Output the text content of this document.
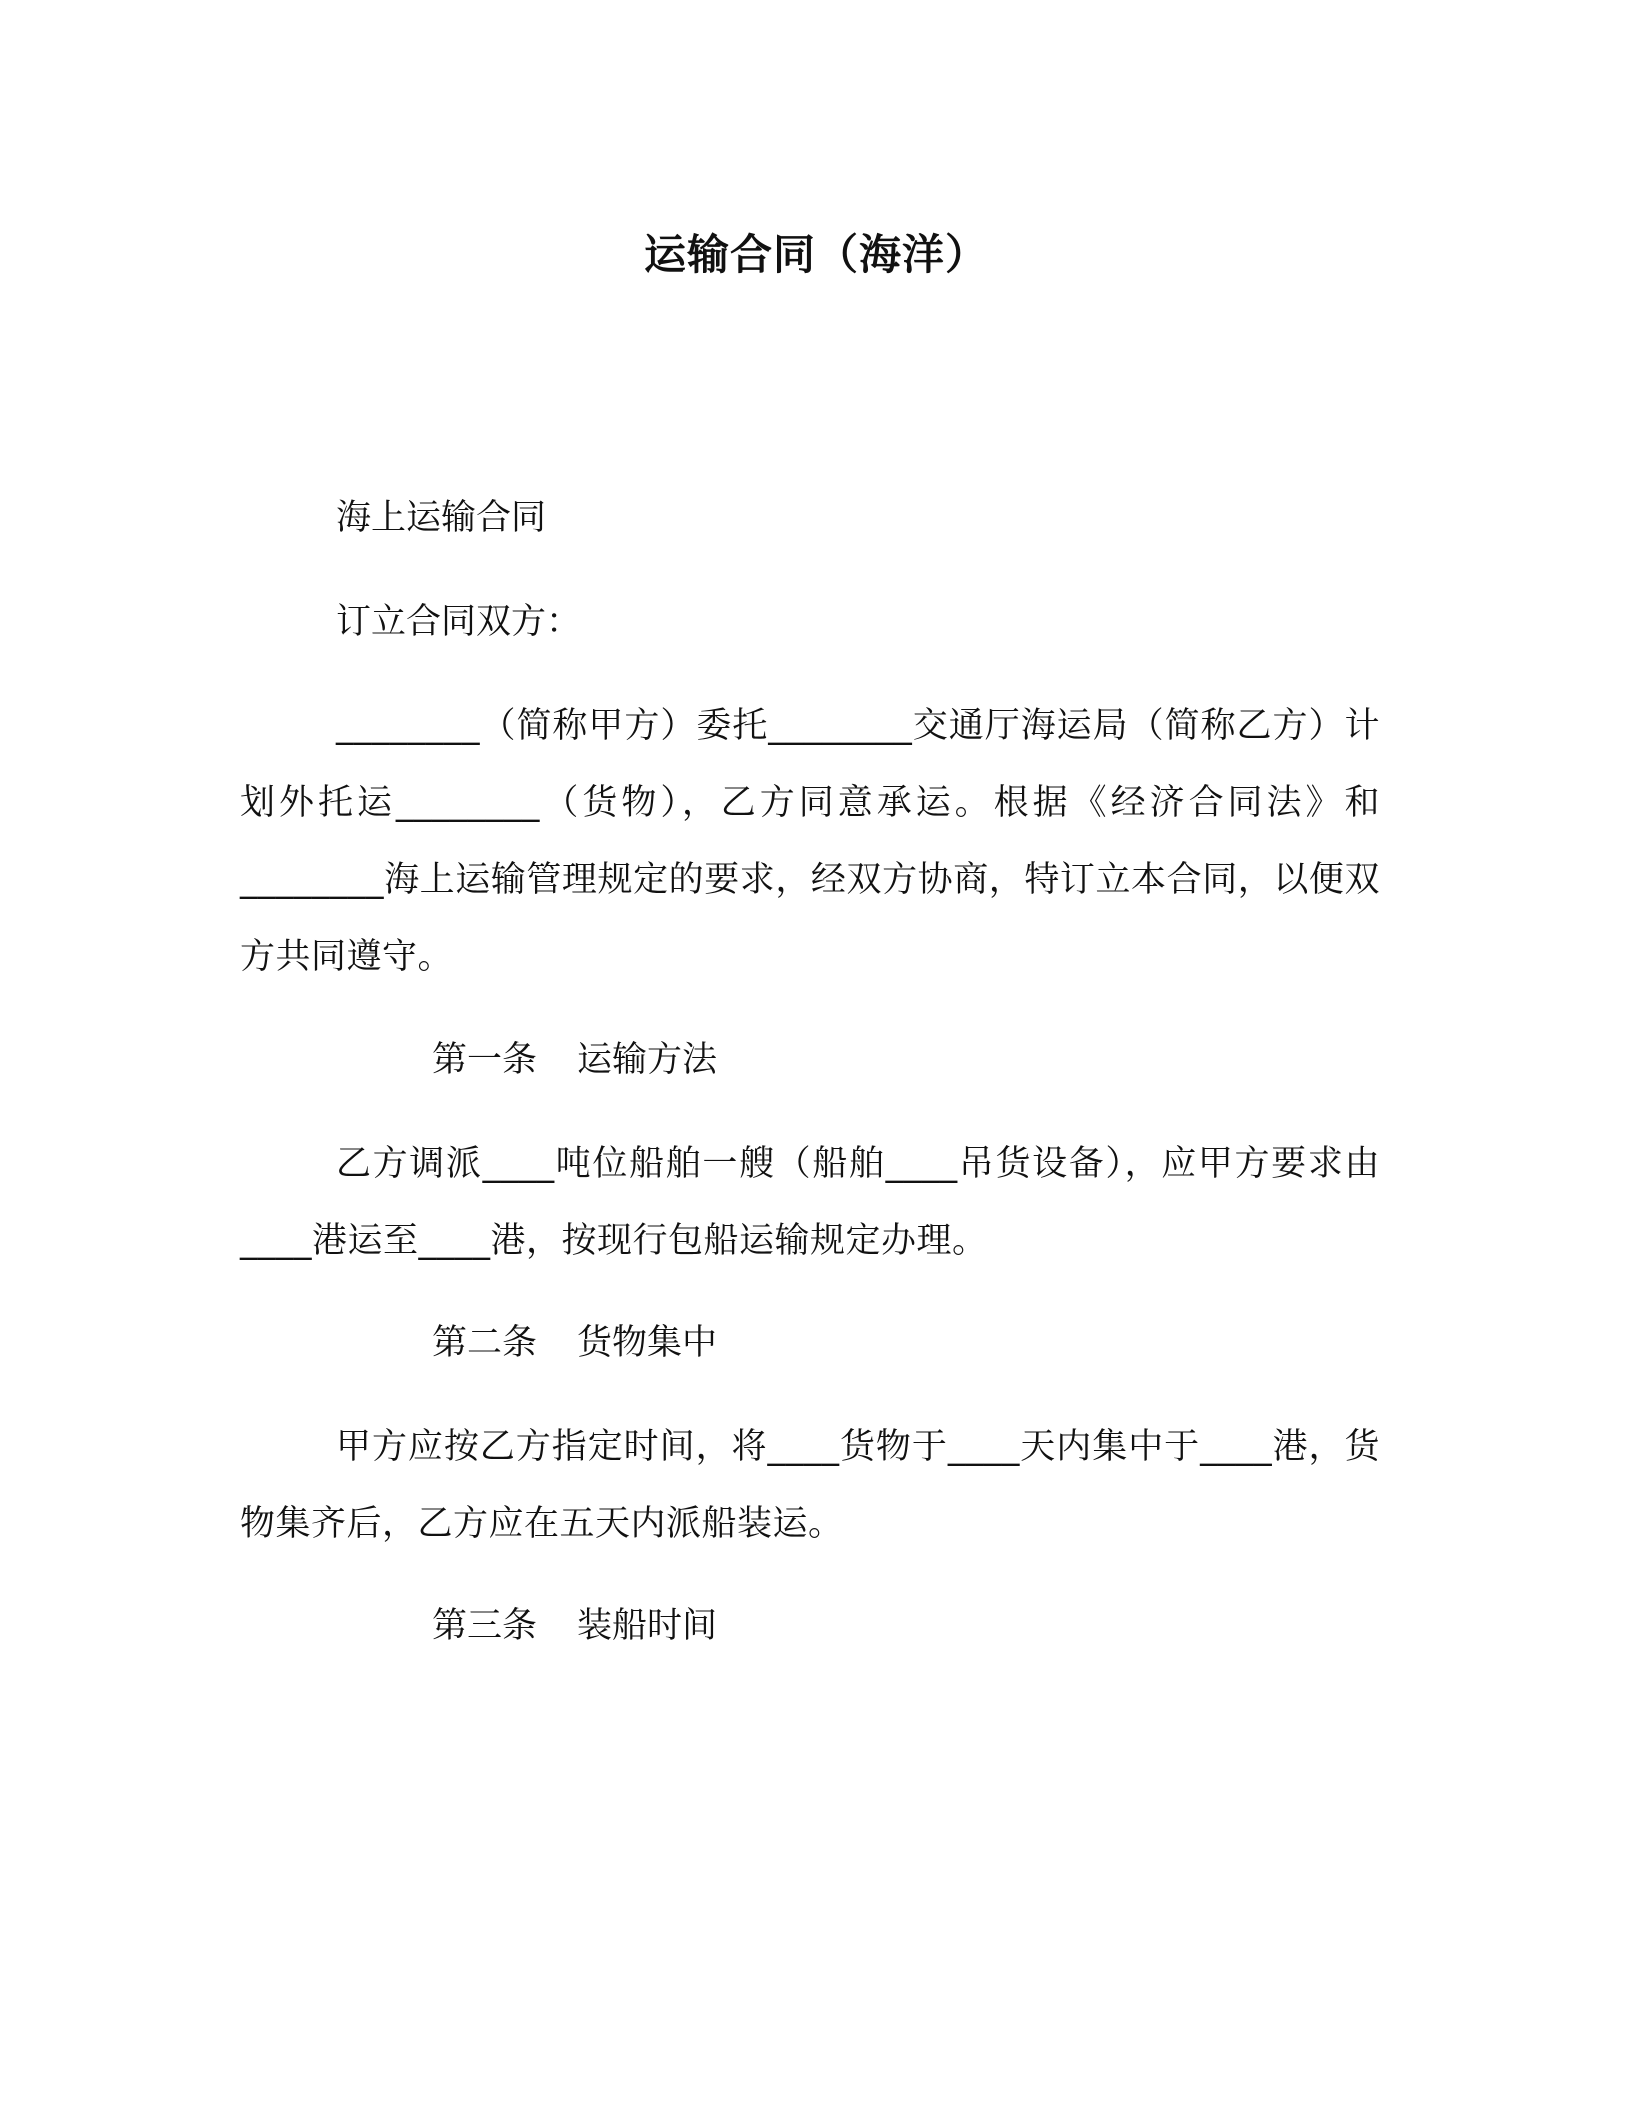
运输合同（海洋）

海上运输合同

订立合同双方：

________（简称甲方）委托________交通厅海运局（简称乙方）计划外托运________（货物），乙方同意承运。根据《经济合同法》和________海上运输管理规定的要求，经双方协商，特订立本合同，以便双方共同遵守。

第一条 运输方法

乙方调派____吨位船舶一艘（船舶____吊货设备），应甲方要求由____港运至____港，按现行包船运输规定办理。

第二条 货物集中

甲方应按乙方指定时间，将____货物于____天内集中于____港，货物集齐后，乙方应在五天内派船装运。

第三条 装船时间
